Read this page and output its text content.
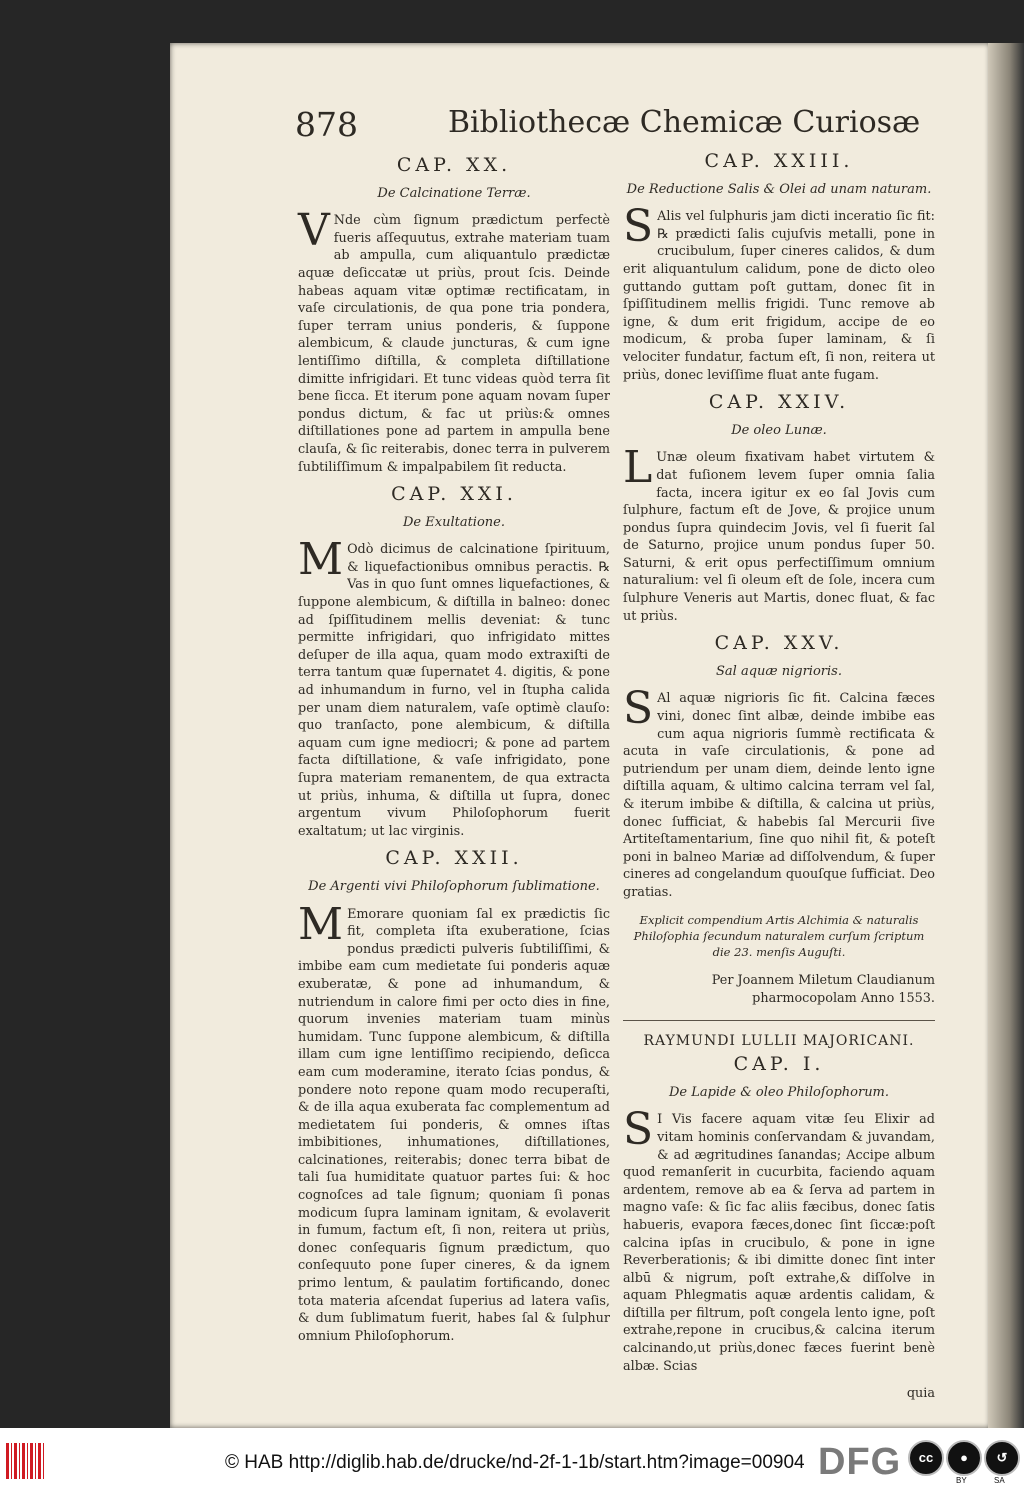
878	Bibliothecæ Chemicæ Curiosæ
CAP. XX.
De Calcinatione Terræ.
V Nde cùm ſignum prædictum perfectè fueris aſſequutus, extrahe materiam tuam ab ampulla, cum aliquantulo prædictæ aquæ deſiccatæ ut priùs, prout ſcis. Deinde habeas aquam vitæ optimæ rectificatam, in vaſe circulationis, de qua pone tria pondera, ſuper terram unius ponderis, & ſuppone alembicum, & claude juncturas, & cum igne lentiſſimo diſtilla, & completa diſtillatione dimitte infrigidari. Et tunc videas quòd terra ſit bene ſicca. Et iterum pone aquam novam ſuper pondus dictum, & fac ut priùs:& omnes diſtillationes pone ad partem in ampulla bene clauſa, & ſic reiterabis, donec terra in pulverem ſubtiliſſimum & impalpabilem ſit reducta.
CAP. XXI.
De Exultatione.
M Odò dicimus de calcinatione ſpirituum, & liquefactionibus omnibus peractis. ℞ Vas in quo ſunt omnes liquefactiones, & ſuppone alembicum, & diſtilla in balneo: donec ad ſpiſſitudinem mellis deveniat: & tunc permitte infrigidari, quo infrigidato mittes deſuper de illa aqua, quam modo extraxiſti de terra tantum quæ ſupernatet 4. digitis, & pone ad inhumandum in furno, vel in ſtupha calida per unam diem naturalem, vaſe optimè clauſo: quo tranſacto, pone alembicum, & diſtilla aquam cum igne mediocri; & pone ad partem facta diſtillatione, & vaſe infrigidato, pone ſupra materiam remanentem, de qua extracta ut priùs, inhuma, & diſtilla ut ſupra, donec argentum vivum Philoſophorum fuerit exaltatum; ut lac virginis.
CAP. XXII.
De Argenti vivi Philoſophorum ſublimatione.
M Emorare quoniam ſal ex prædictis ſic fit, completa iſta exuberatione, ſcias pondus prædicti pulveris ſubtiliſſimi, & imbibe eam cum medietate ſui ponderis aquæ exuberatæ, & pone ad inhumandum, & nutriendum in calore fimi per octo dies in fine, quorum invenies materiam tuam minùs humidam. Tunc ſuppone alembicum, & diſtilla illam cum igne lentiſſimo recipiendo, deſicca eam cum moderamine, iterato ſcias pondus, & pondere noto repone quam modo recuperaſti, & de illa aqua exuberata fac complementum ad medietatem ſui ponderis, & omnes iſtas imbibitiones, inhumationes, diſtillationes, calcinationes, reiterabis; donec terra bibat de tali ſua humiditate quatuor partes ſui: & hoc cognoſces ad tale ſignum; quoniam ſi ponas modicum ſupra laminam ignitam, & evolaverit in fumum, factum eſt, ſi non, reitera ut priùs, donec conſequaris ſignum prædictum, quo conſequuto pone ſuper cineres, & da ignem primo lentum, & paulatim fortificando, donec tota materia aſcendat ſuperius ad latera vaſis, & dum ſublimatum fuerit, habes ſal & ſulphur omnium Philoſophorum.
CAP. XXIII.
De Reductione Salis & Olei ad unam naturam.
S Alis vel ſulphuris jam dicti inceratio ſic fit: ℞ prædicti ſalis cujuſvis metalli, pone in crucibulum, ſuper cineres calidos, & dum erit aliquantulum calidum, pone de dicto oleo guttando guttam poſt guttam, donec ſit in ſpiſſitudinem mellis frigidi. Tunc remove ab igne, & dum erit frigidum, accipe de eo modicum, & proba ſuper laminam, & ſi velociter fundatur, factum eſt, ſi non, reitera ut priùs, donec leviſſime fluat ante fugam.
CAP. XXIV.
De oleo Lunæ.
L Unæ oleum fixativam habet virtutem & dat fuſionem levem ſuper omnia ſalia facta, incera igitur ex eo ſal Jovis cum ſulphure, factum eſt de Jove, & projice unum pondus ſupra quindecim Jovis, vel ſi fuerit ſal de Saturno, projice unum pondus ſuper 50. Saturni, & erit opus perfectiſſimum omnium naturalium: vel ſi oleum eſt de ſole, incera cum ſulphure Veneris aut Martis, donec fluat, & fac ut priùs.
CAP. XXV.
Sal aquæ nigrioris.
S Al aquæ nigrioris ſic fit. Calcina fæces vini, donec ſint albæ, deinde imbibe eas cum aqua nigrioris ſummè rectificata & acuta in vaſe circulationis, & pone ad putriendum per unam diem, deinde lento igne diſtilla aquam, & ultimo calcina terram vel ſal, & iterum imbibe & diſtilla, & calcina ut priùs, donec ſufficiat, & habebis ſal Mercurii ſive Artiteſtamentarium, ſine quo nihil fit, & poteſt poni in balneo Mariæ ad diſſolvendum, & ſuper cineres ad congelandum quouſque ſufficiat. Deo gratias.
Explicit compendium Artis Alchimia & naturalis Philoſophia ſecundum naturalem curſum ſcriptum die 23. menſis Auguſti.
Per Joannem Miletum Claudianum
pharmocopolam Anno 1553.
RAYMUNDI LULLII MAJORICANI.
CAP. I.
De Lapide & oleo Philoſophorum.
S I Vis facere aquam vitæ ſeu Elixir ad vitam hominis conſervandam & juvandam, & ad ægritudines ſanandas; Accipe album quod remanſerit in cucurbita, faciendo aquam ardentem, remove ab ea & ſerva ad partem in magno vaſe: & ſic fac aliis fæcibus, donec ſatis habueris, evapora fæces,donec ſint ſiccæ:poſt calcina ipſas in crucibulo, & pone in igne Reverberationis; & ibi dimitte donec ſint inter albū & nigrum, poſt extrahe,& diſſolve in aquam Phlegmatis aquæ ardentis calidam, & diſtilla per filtrum, poſt congela lento igne, poſt extrahe,repone in crucibus,& calcina iterum calcinando,ut priùs,donec fæces fuerint benè albæ. Scias
quia
© HAB http://diglib.hab.de/drucke/nd-2f-1-1b/start.htm?image=00904 DFG	cc	●	↺
BY	SA
